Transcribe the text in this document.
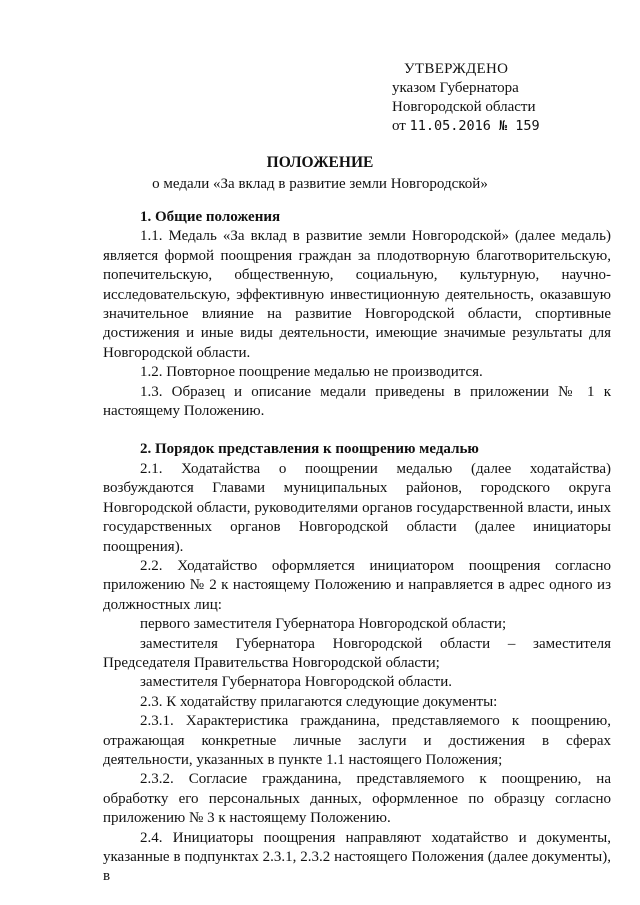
УТВЕРЖДЕНО
указом Губернатора
Новгородской области
от 11.05.2016 № 159
ПОЛОЖЕНИЕ
о медали «За вклад в развитие земли Новгородской»

1. Общие положения

1.1. Медаль «За вклад в развитие земли Новгородской» (далее медаль) является формой поощрения граждан за плодотворную благотворительскую, попечительскую, общественную, социальную, культурную, научно-исследовательскую, эффективную инвестиционную деятельность, оказавшую значительное влияние на развитие Новгородской области, спортивные достижения и иные виды деятельности, имеющие значимые результаты для Новгородской области.

1.2. Повторное поощрение медалью не производится.

1.3. Образец и описание медали приведены в приложении № 1 к настоящему Положению.

2. Порядок представления к поощрению медалью

2.1. Ходатайства о поощрении медалью (далее ходатайства) возбуждаются Главами муниципальных районов, городского округа Новгородской области, руководителями органов государственной власти, иных государственных органов Новгородской области (далее инициаторы поощрения).

2.2. Ходатайство оформляется инициатором поощрения согласно приложению № 2 к настоящему Положению и направляется в адрес одного из должностных лиц:

первого заместителя Губернатора Новгородской области;

заместителя Губернатора Новгородской области – заместителя Председателя Правительства Новгородской области;

заместителя Губернатора Новгородской области.

2.3. К ходатайству прилагаются следующие документы:

2.3.1. Характеристика гражданина, представляемого к поощрению, отражающая конкретные личные заслуги и достижения в сферах деятельности, указанных в пункте 1.1 настоящего Положения;

2.3.2. Согласие гражданина, представляемого к поощрению, на обработку его персональных данных, оформленное по образцу согласно приложению № 3 к настоящему Положению.

2.4. Инициаторы поощрения направляют ходатайство и документы, указанные в подпунктах 2.3.1, 2.3.2 настоящего Положения (далее документы), в
